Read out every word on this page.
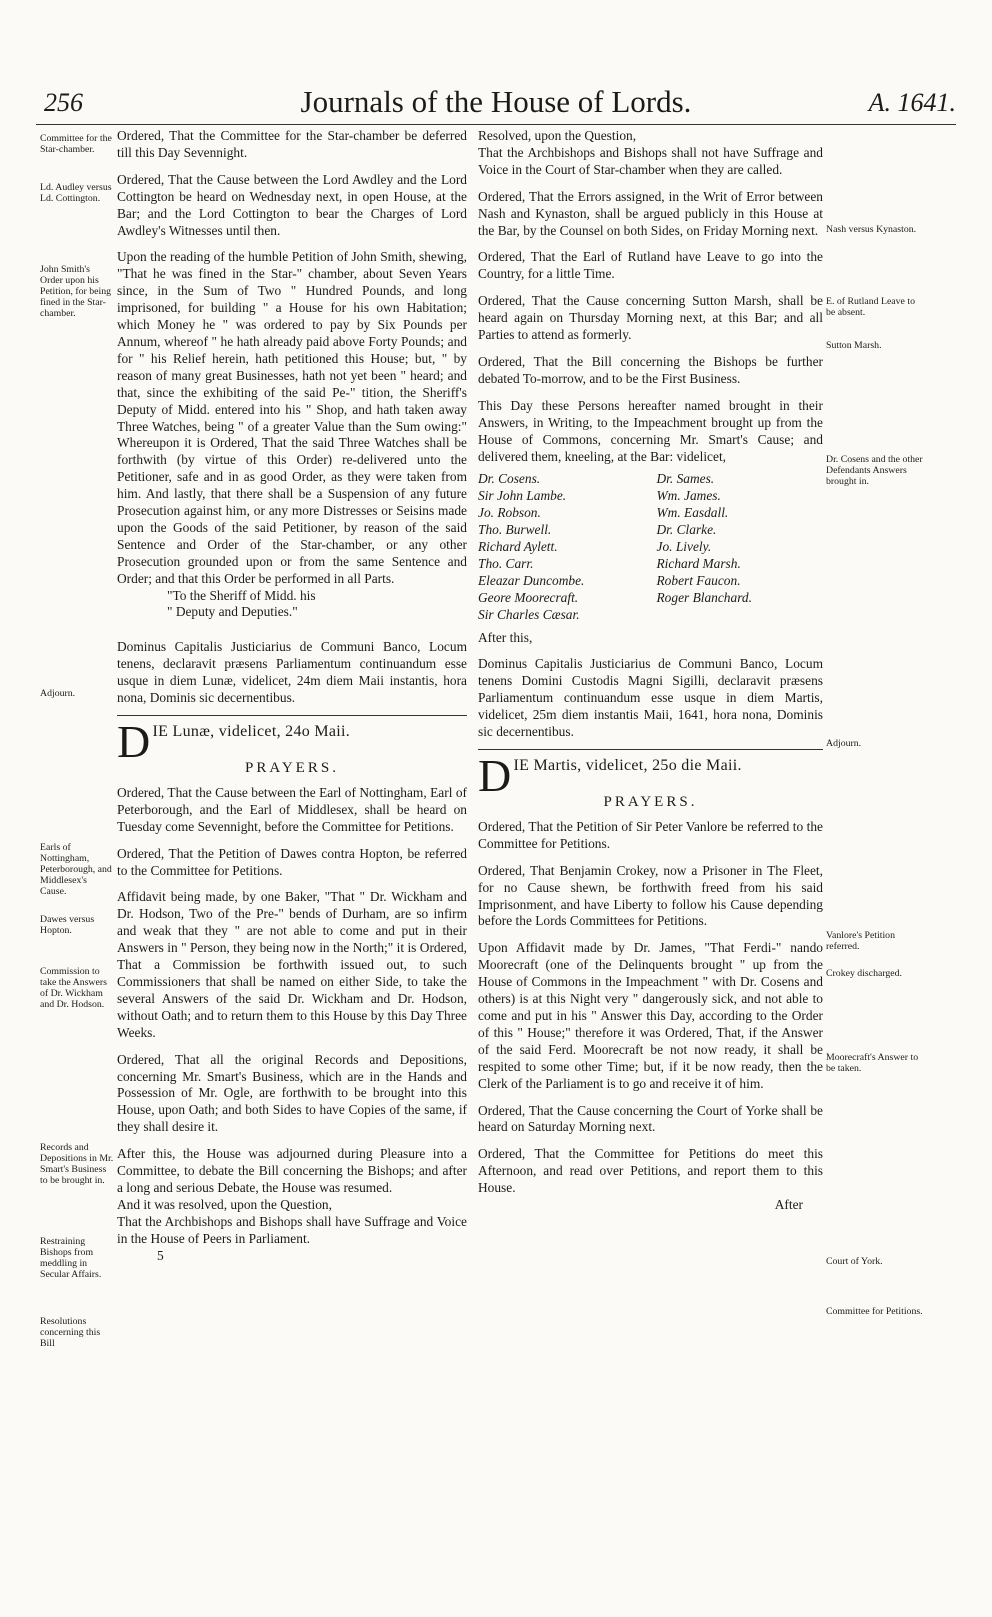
256	Journals of the House of Lords.	A. 1641.
Committee for the Star-chamber.
Ld. Audley versus Ld. Cottington.
John Smith's Order upon his Petition, for being fined in the Star-chamber.
Adjourn.
Earls of Nottingham, Peterborough, and Middlesex's Cause.
Dawes versus Hopton.
Commission to take the Answers of Dr. Wickham and Dr. Hodson.
Records and Depositions in Mr. Smart's Business to be brought in.
Restraining Bishops from meddling in Secular Affairs.
Resolutions concerning this Bill
Nash versus Kynaston.
E. of Rutland Leave to be absent.
Sutton Marsh.
Dr. Cosens and the other Defendants Answers brought in.
Adjourn.
Vanlore's Petition referred.
Crokey discharged.
Moorecraft's Answer to be taken.
Court of York.
Committee for Petitions.

Ordered, That the Committee for the Star-chamber be deferred till this Day Sevennight.

Ordered, That the Cause between the Lord Awdley and the Lord Cottington be heard on Wednesday next, in open House, at the Bar; and the Lord Cottington to bear the Charges of Lord Awdley's Witnesses until then.

Upon the reading of the humble Petition of John Smith, shewing, "That he was fined in the Star-" chamber, about Seven Years since, in the Sum of Two " Hundred Pounds, and long imprisoned, for building " a House for his own Habitation; which Money he " was ordered to pay by Six Pounds per Annum, whereof " he hath already paid above Forty Pounds; and for " his Relief herein, hath petitioned this House; but, " by reason of many great Businesses, hath not yet been " heard; and that, since the exhibiting of the said Pe-" tition, the Sheriff's Deputy of Midd. entered into his " Shop, and hath taken away Three Watches, being " of a greater Value than the Sum owing:" Whereupon it is Ordered, That the said Three Watches shall be forthwith (by virtue of this Order) re-delivered unto the Petitioner, safe and in as good Order, as they were taken from him. And lastly, that there shall be a Suspension of any future Prosecution against him, or any more Distresses or Seisins made upon the Goods of the said Petitioner, by reason of the said Sentence and Order of the Star-chamber, or any other Prosecution grounded upon or from the same Sentence and Order; and that this Order be performed in all Parts.

"To the Sheriff of Midd. his

" Deputy and Deputies."

Dominus Capitalis Justiciarius de Communi Banco, Locum tenens, declaravit præsens Parliamentum continuandum esse usque in diem Lunæ, videlicet, 24m diem Maii instantis, hora nona, Dominis sic decernentibus.

DIE Lunæ, videlicet, 24o Maii.
PRAYERS.

Ordered, That the Cause between the Earl of Nottingham, Earl of Peterborough, and the Earl of Middlesex, shall be heard on Tuesday come Sevennight, before the Committee for Petitions.

Ordered, That the Petition of Dawes contra Hopton, be referred to the Committee for Petitions.

Affidavit being made, by one Baker, "That " Dr. Wickham and Dr. Hodson, Two of the Pre-" bends of Durham, are so infirm and weak that they " are not able to come and put in their Answers in " Person, they being now in the North;" it is Ordered, That a Commission be forthwith issued out, to such Commissioners that shall be named on either Side, to take the several Answers of the said Dr. Wickham and Dr. Hodson, without Oath; and to return them to this House by this Day Three Weeks.

Ordered, That all the original Records and Depositions, concerning Mr. Smart's Business, which are in the Hands and Possession of Mr. Ogle, are forthwith to be brought into this House, upon Oath; and both Sides to have Copies of the same, if they shall desire it.

After this, the House was adjourned during Pleasure into a Committee, to debate the Bill concerning the Bishops; and after a long and serious Debate, the House was resumed.

And it was resolved, upon the Question,

That the Archbishops and Bishops shall have Suffrage and Voice in the House of Peers in Parliament.

5

Resolved, upon the Question,

That the Archbishops and Bishops shall not have Suffrage and Voice in the Court of Star-chamber when they are called.

Ordered, That the Errors assigned, in the Writ of Error between Nash and Kynaston, shall be argued publicly in this House at the Bar, by the Counsel on both Sides, on Friday Morning next.

Ordered, That the Earl of Rutland have Leave to go into the Country, for a little Time.

Ordered, That the Cause concerning Sutton Marsh, shall be heard again on Thursday Morning next, at this Bar; and all Parties to attend as formerly.

Ordered, That the Bill concerning the Bishops be further debated To-morrow, and to be the First Business.

This Day these Persons hereafter named brought in their Answers, in Writing, to the Impeachment brought up from the House of Commons, concerning Mr. Smart's Cause; and delivered them, kneeling, at the Bar: videlicet,

Dr. Cosens.
Sir John Lambe.
Jo. Robson.
Tho. Burwell.
Richard Aylett.
Tho. Carr.
Eleazar Duncombe.
Geore Moorecraft.
Sir Charles Cæsar.
Dr. Sames.
Wm. James.
Wm. Easdall.
Dr. Clarke.
Jo. Lively.
Richard Marsh.
Robert Faucon.
Roger Blanchard.

After this,

Dominus Capitalis Justiciarius de Communi Banco, Locum tenens Domini Custodis Magni Sigilli, declaravit præsens Parliamentum continuandum esse usque in diem Martis, videlicet, 25m diem instantis Maii, 1641, hora nona, Dominis sic decernentibus.

DIE Martis, videlicet, 25o die Maii.
PRAYERS.

Ordered, That the Petition of Sir Peter Vanlore be referred to the Committee for Petitions.

Ordered, That Benjamin Crokey, now a Prisoner in The Fleet, for no Cause shewn, be forthwith freed from his said Imprisonment, and have Liberty to follow his Cause depending before the Lords Committees for Petitions.

Upon Affidavit made by Dr. James, "That Ferdi-" nando Moorecraft (one of the Delinquents brought " up from the House of Commons in the Impeachment " with Dr. Cosens and others) is at this Night very " dangerously sick, and not able to come and put in his " Answer this Day, according to the Order of this " House;" therefore it was Ordered, That, if the Answer of the said Ferd. Moorecraft be not now ready, it shall be respited to some other Time; but, if it be now ready, then the Clerk of the Parliament is to go and receive it of him.

Ordered, That the Cause concerning the Court of Yorke shall be heard on Saturday Morning next.

Ordered, That the Committee for Petitions do meet this Afternoon, and read over Petitions, and report them to this House.

After
